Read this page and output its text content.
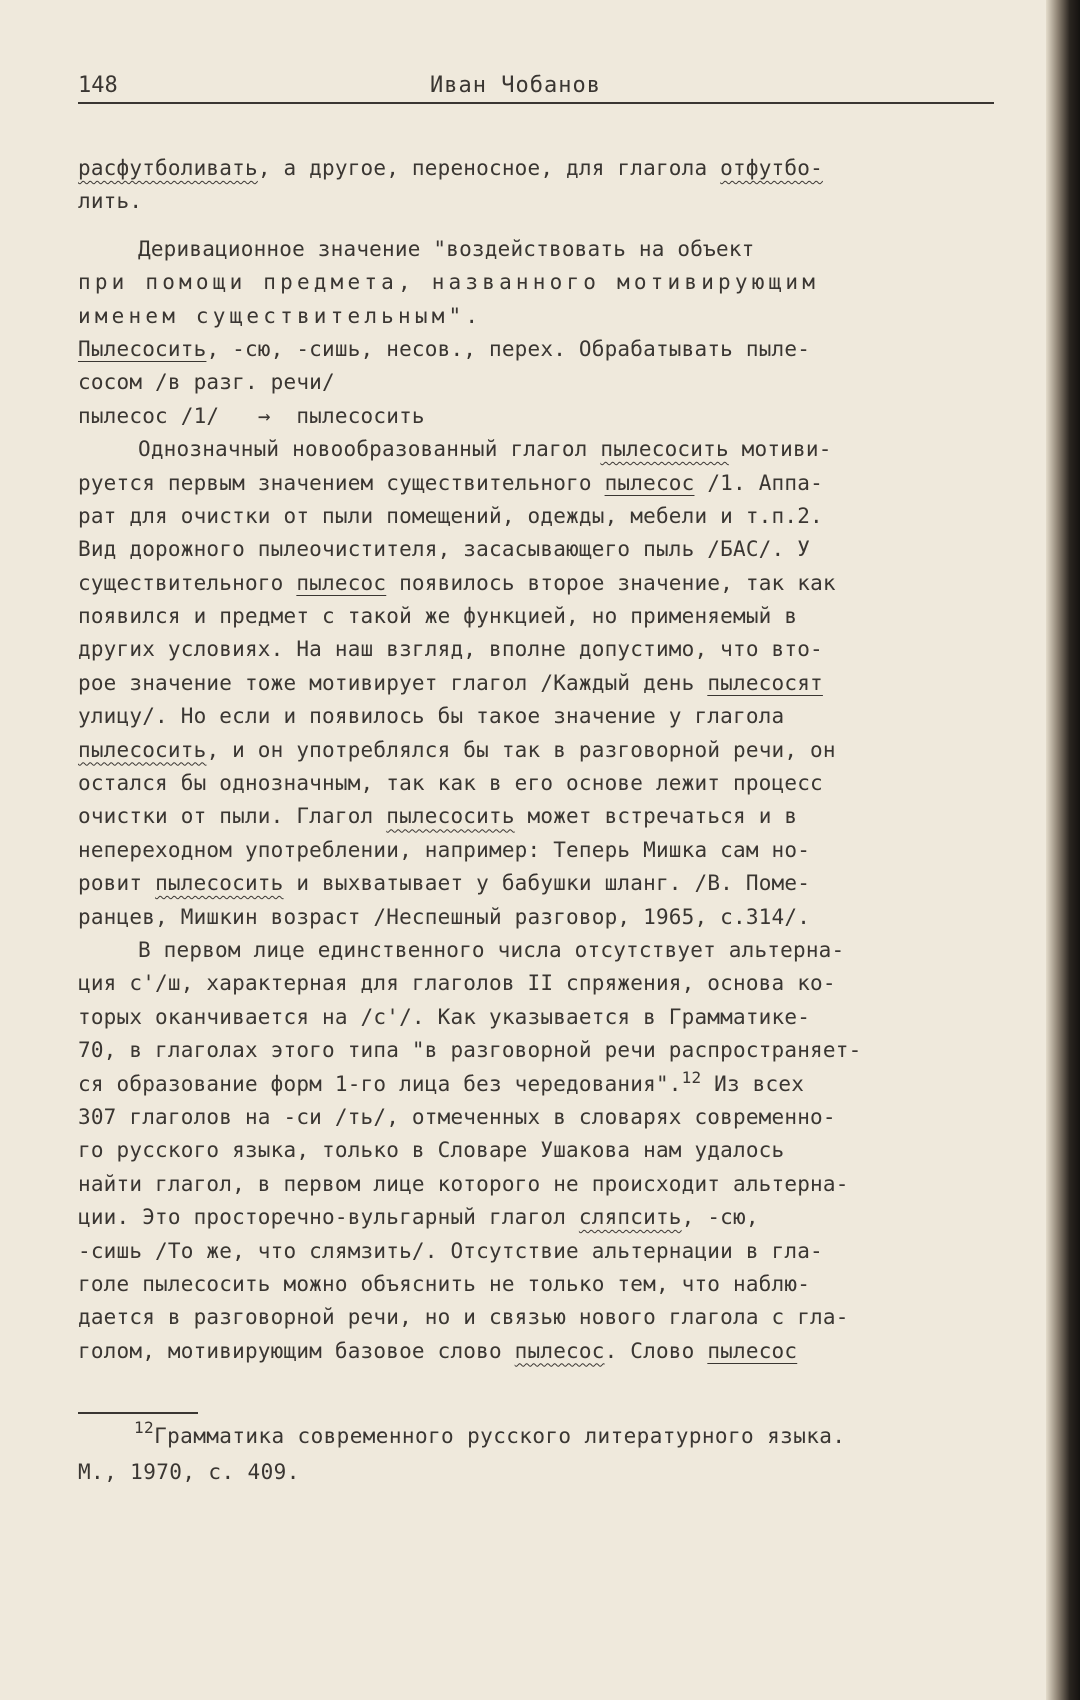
148	Иван Чобанов
расфутболивать, а другое, переносное, для глагола отфутбо-
лить.
Деривационное значение "воздействовать на объект
при помощи предмета, названного мотивирующим
именем существительным".
Пылесосить, -сю, -сишь, несов., перех. Обрабатывать пыле-
сосом /в разг. речи/
пылесос /1/ → пылесосить
Однозначный новообразованный глагол пылесосить мотиви-
руется первым значением существительного пылесос /1. Аппа-
рат для очистки от пыли помещений, одежды, мебели и т.п.2.
Вид дорожного пылеочистителя, засасывающего пыль /БАС/. У
существительного пылесос появилось второе значение, так как
появился и предмет с такой же функцией, но применяемый в
других условиях. На наш взгляд, вполне допустимо, что вто-
рое значение тоже мотивирует глагол /Каждый день пылесосят
улицу/. Но если и появилось бы такое значение у глагола
пылесосить, и он употреблялся бы так в разговорной речи, он
остался бы однозначным, так как в его основе лежит процесс
очистки от пыли. Глагол пылесосить может встречаться и в
непереходном употреблении, например: Теперь Мишка сам но-
ровит пылесосить и выхватывает у бабушки шланг. /В. Поме-
ранцев, Мишкин возраст /Неспешный разговор, 1965, с.314/.
В первом лице единственного числа отсутствует альтерна-
ция с'/ш, характерная для глаголов II спряжения, основа ко-
торых оканчивается на /с'/. Как указывается в Грамматике-
70, в глаголах этого типа "в разговорной речи распространяет-
ся образование форм 1-го лица без чередования".$^{12}$ Из всех
307 глаголов на -си /ть/, отмеченных в словарях современно-
го русского языка, только в Словаре Ушакова нам удалось
найти глагол, в первом лице которого не происходит альтерна-
ции. Это просторечно-вульгарный глагол сляпсить, -сю,
-сишь /То же, что слямзить/. Отсутствие альтернации в гла-
голе пылесосить можно объяснить не только тем, что наблю-
дается в разговорной речи, но и связью нового глагола с гла-
голом, мотивирующим базовое слово пылесос. Слово пылесос
$^{12}$Грамматика современного русского литературного языка.
М., 1970, с. 409.
